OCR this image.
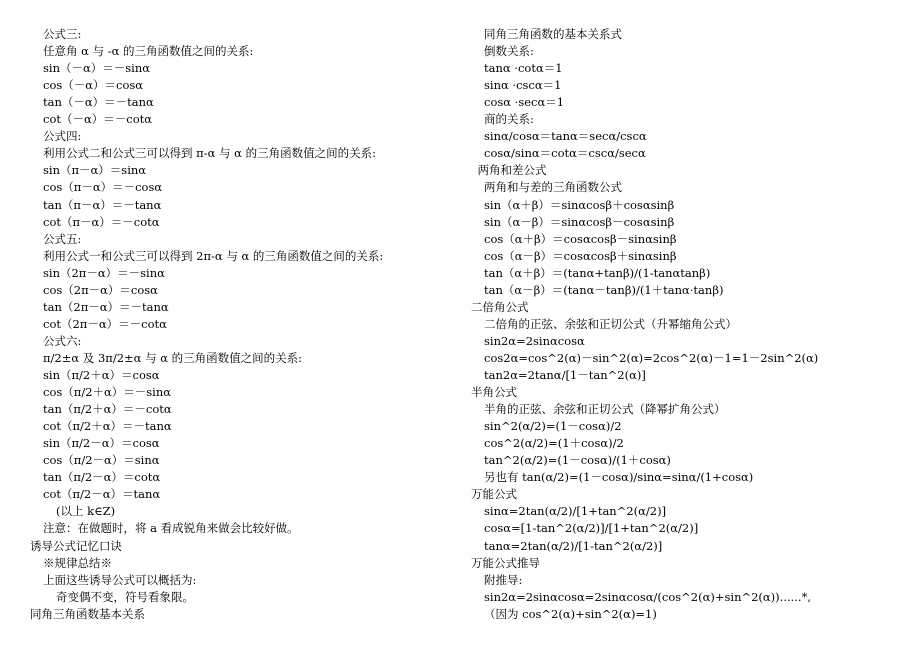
公式三:
任意角 α 与 -α 的三角函数值之间的关系:
sin（－α）＝－sinα
cos（－α）＝cosα
tan（－α）＝－tanα
cot（－α）＝－cotα
公式四:
利用公式二和公式三可以得到 π-α 与 α 的三角函数值之间的关系:
sin（π－α）＝sinα
cos（π－α）＝－cosα
tan（π－α）＝－tanα
cot（π－α）＝－cotα
公式五:
利用公式一和公式三可以得到 2π-α 与 α 的三角函数值之间的关系:
sin（2π－α）＝－sinα
cos（2π－α）＝cosα
tan（2π－α）＝－tanα
cot（2π－α）＝－cotα
公式六:
π/2±α 及 3π/2±α 与 α 的三角函数值之间的关系:
sin（π/2＋α）＝cosα
cos（π/2＋α）＝－sinα
tan（π/2＋α）＝－cotα
cot（π/2＋α）＝－tanα
sin（π/2－α）＝cosα
cos（π/2－α）＝sinα
tan（π/2－α）＝cotα
cot（π/2－α）＝tanα
(以上 k∈Z)
注意：在做题时，将 a 看成锐角来做会比较好做。
诱导公式记忆口诀
※规律总结※
上面这些诱导公式可以概括为:
奇变偶不变，符号看象限。
同角三角函数基本关系
同角三角函数的基本关系式
倒数关系:
tanα ·cotα＝1
sinα ·cscα＝1
cosα ·secα＝1
商的关系:
sinα/cosα＝tanα＝secα/cscα
cosα/sinα＝cotα＝cscα/secα
两角和差公式
两角和与差的三角函数公式
sin（α＋β）＝sinαcosβ＋cosαsinβ
sin（α－β）＝sinαcosβ－cosαsinβ
cos（α＋β）＝cosαcosβ－sinαsinβ
cos（α－β）＝cosαcosβ＋sinαsinβ
tan（α＋β）＝(tanα+tanβ)/(1-tanαtanβ)
tan（α－β）＝(tanα－tanβ)/(1＋tanα·tanβ)
二倍角公式
二倍角的正弦、余弦和正切公式（升幂缩角公式）
sin2α=2sinαcosα
cos2α=cos^2(α)－sin^2(α)=2cos^2(α)－1=1－2sin^2(α)
tan2α=2tanα/[1－tan^2(α)]
半角公式
半角的正弦、余弦和正切公式（降幂扩角公式）
sin^2(α/2)=(1－cosα)/2
cos^2(α/2)=(1＋cosα)/2
tan^2(α/2)=(1－cosα)/(1＋cosα)
另也有 tan(α/2)=(1－cosα)/sinα=sinα/(1+cosα)
万能公式
sinα=2tan(α/2)/[1+tan^2(α/2)]
cosα=[1-tan^2(α/2)]/[1+tan^2(α/2)]
tanα=2tan(α/2)/[1-tan^2(α/2)]
万能公式推导
附推导:
sin2α=2sinαcosα=2sinαcosα/(cos^2(α)+sin^2(α))......*,
（因为 cos^2(α)+sin^2(α)=1)
